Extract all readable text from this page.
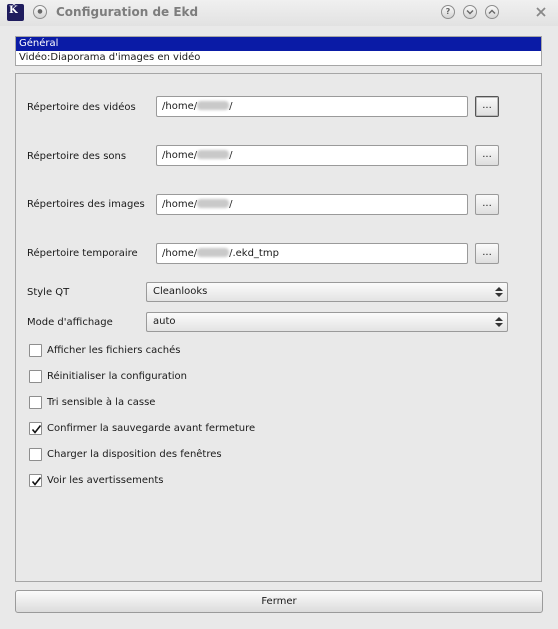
Ǩ	● Configuration de Ekd	?
Général
Vidéo:Diaporama d'images en vidéo
Répertoire des vidéos	/home/	/	...
Répertoire des sons	/home/	/	...
Répertoires des images	/home/	/	...
Répertoire temporaire	/home/	/.ekd_tmp	...
Style QT	Cleanlooks
Mode d'affichage	auto
Afficher les fichiers cachés
Réinitialiser la configuration
Tri sensible à la casse
Confirmer la sauvegarde avant fermeture
Charger la disposition des fenêtres
Voir les avertissements
Fermer
